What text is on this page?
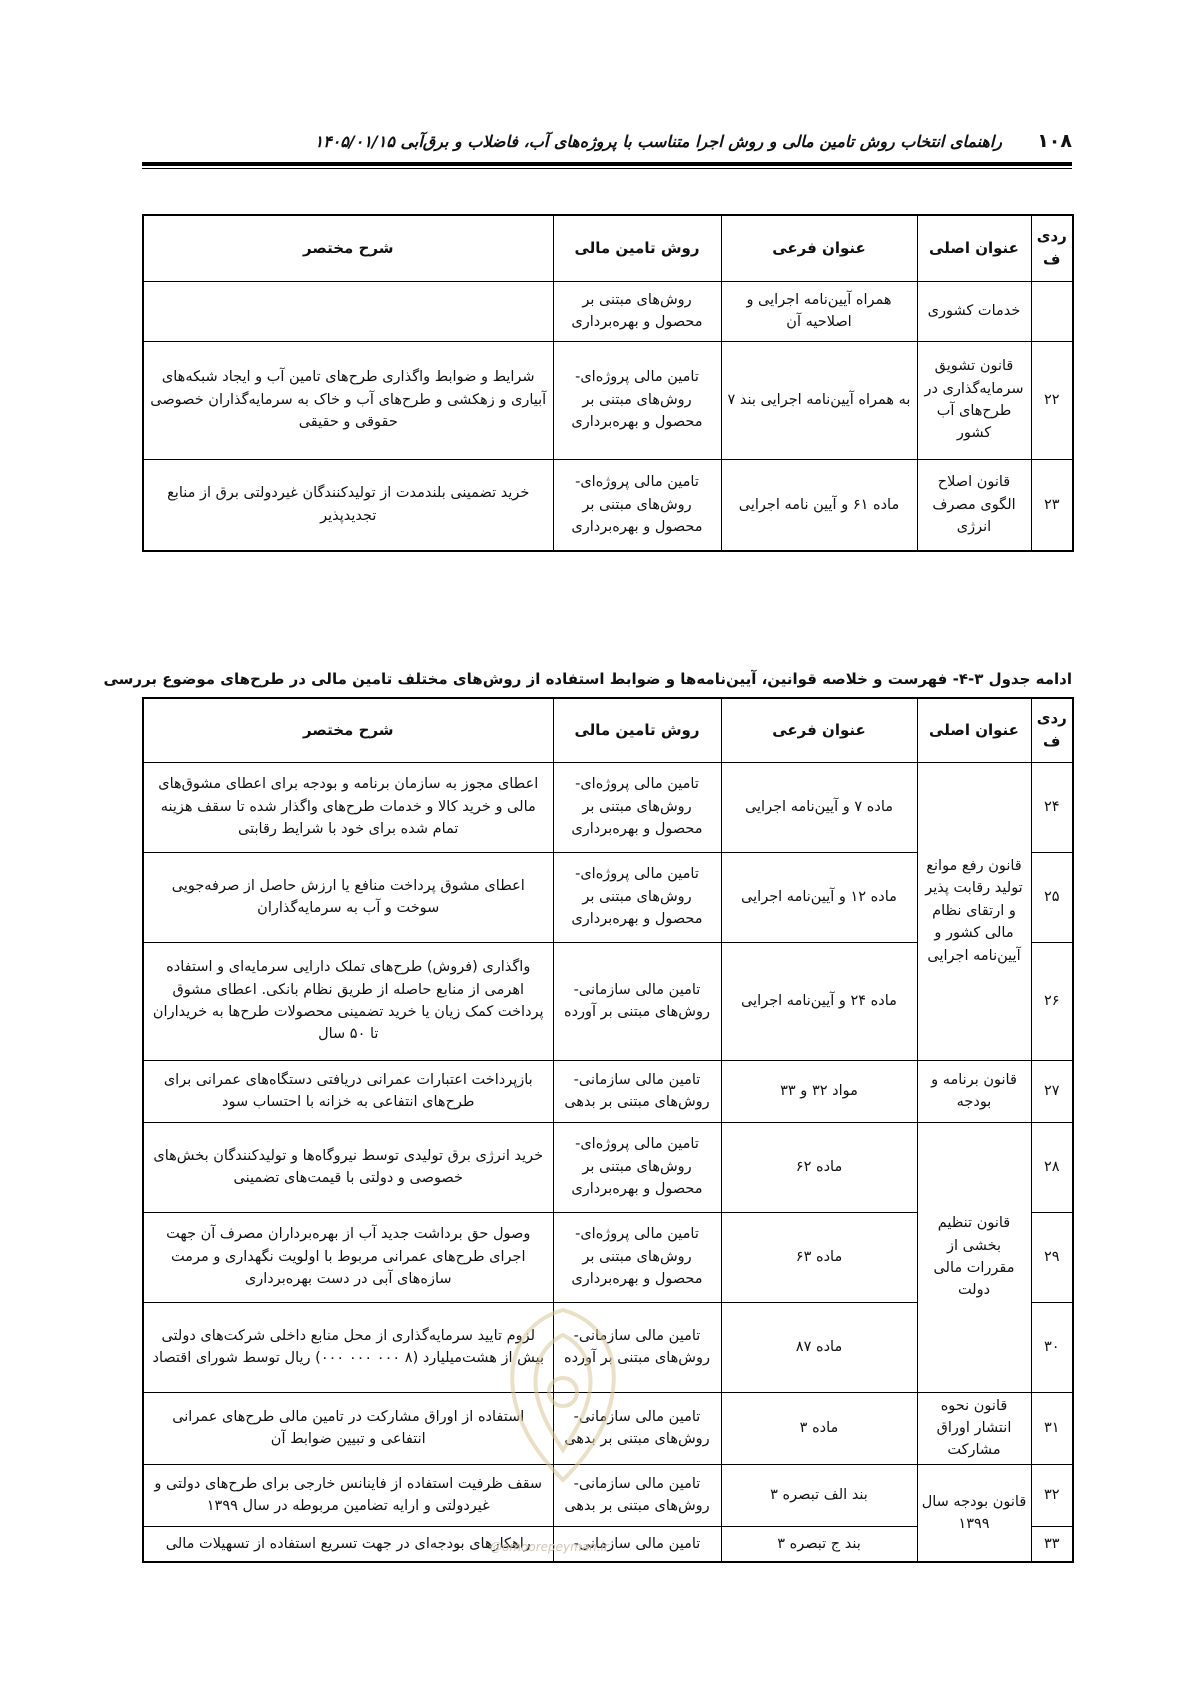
۱۰۸
راهنمای انتخاب روش تامین مالی و روش اجرا متناسب با پروژه‌های آب، فاضلاب و برق‌آبی ۱۴۰۵/۰۱/۱۵
ردی ف	عنوان اصلی	عنوان فرعی	روش تامین مالی	شرح مختصر
	خدمات کشوری	همراه آیین‌نامه اجرایی و اصلاحیه آن	روش‌های مبتنی بر محصول و بهره‌برداری	
۲۲	قانون تشویق سرمایه‌گذاری در طرح‌های آب کشور	به همراه آیین‌نامه اجرایی بند ۷	تامین مالی پروژه‌ای- روش‌های مبتنی بر محصول و بهره‌برداری	شرایط و ضوابط واگذاری طرح‌های تامین آب و ایجاد شبکه‌های آبیاری و زهکشی و طرح‌های آب و خاک به سرمایه‌گذاران خصوصی حقوقی و حقیقی
۲۳	قانون اصلاح الگوی مصرف انرژی	ماده ۶۱ و آیین نامه اجرایی	تامین مالی پروژه‌ای- روش‌های مبتنی بر محصول و بهره‌برداری	خرید تضمینی بلندمدت از تولیدکنندگان غیردولتی برق از منابع تجدیدپذیر
ادامه جدول ۳-۴- فهرست و خلاصه قوانین، آیین‌نامه‌ها و ضوابط استفاده از روش‌های مختلف تامین مالی در طرح‌های موضوع بررسی
ردی ف	عنوان اصلی	عنوان فرعی	روش تامین مالی	شرح مختصر
۲۴	قانون رفع موانع تولید رقابت پذیر و ارتقای نظام مالی کشور و آیین‌نامه اجرایی	ماده ۷ و آیین‌نامه اجرایی	تامین مالی پروژه‌ای- روش‌های مبتنی بر محصول و بهره‌برداری	اعطای مجوز به سازمان برنامه و بودجه برای اعطای مشوق‌های مالی و خرید کالا و خدمات طرح‌های واگذار شده تا سقف هزینه تمام شده برای خود با شرایط رقابتی
۲۵		ماده ۱۲ و آیین‌نامه اجرایی	تامین مالی پروژه‌ای- روش‌های مبتنی بر محصول و بهره‌برداری	اعطای مشوق پرداخت منافع یا ارزش حاصل از صرفه‌جویی سوخت و آب به سرمایه‌گذاران
۲۶		ماده ۲۴ و آیین‌نامه اجرایی	تامین مالی سازمانی- روش‌های مبتنی بر آورده	واگذاری (فروش) طرح‌های تملک دارایی سرمایه‌ای و استفاده اهرمی از منابع حاصله از طریق نظام بانکی. اعطای مشوق پرداخت کمک زیان یا خرید تضمینی محصولات طرح‌ها به خریداران تا ۵۰ سال
۲۷	قانون برنامه و بودجه	مواد ۳۲ و ۳۳	تامین مالی سازمانی- روش‌های مبتنی بر بدهی	بازپرداخت اعتبارات عمرانی دریافتی دستگاه‌های عمرانی برای طرح‌های انتفاعی به خزانه با احتساب سود
۲۸	قانون تنظیم بخشی از مقررات مالی دولت	ماده ۶۲	تامین مالی پروژه‌ای- روش‌های مبتنی بر محصول و بهره‌برداری	خرید انرژی برق تولیدی توسط نیروگاه‌ها و تولیدکنندگان بخش‌های خصوصی و دولتی با قیمت‌های تضمینی
۲۹		ماده ۶۳	تامین مالی پروژه‌ای- روش‌های مبتنی بر محصول و بهره‌برداری	وصول حق برداشت جدید آب از بهره‌برداران مصرف آن جهت اجرای طرح‌های عمرانی مربوط با اولویت نگهداری و مرمت سازه‌های آبی در دست بهره‌برداری
۳۰		ماده ۸۷	تامین مالی سازمانی- روش‌های مبتنی بر آورده	لزوم تایید سرمایه‌گذاری از محل منابع داخلی شرکت‌های دولتی بیش از هشت‌میلیارد (۸ ۰۰۰ ۰۰۰ ۰۰۰) ریال توسط شورای اقتصاد
۳۱	قانون نحوه انتشار اوراق مشارکت	ماده ۳	تامین مالی سازمانی- روش‌های مبتنی بر بدهی	استفاده از اوراق مشارکت در تامین مالی طرح‌های عمرانی انتفاعی و تبیین ضوابط آن
۳۲	قانون بودجه سال ۱۳۹۹	بند الف تبصره ۳	تامین مالی سازمانی- روش‌های مبتنی بر بدهی	سقف ظرفیت استفاده از فاینانس خارجی برای طرح‌های دولتی و غیردولتی و ارایه تضامین مربوطه در سال ۱۳۹۹
۳۳		بند ج تبصره ۳	تامین مالی سازمانی-	راهکارهای بودجه‌ای در جهت تسریع استفاده از تسهیلات مالی
@omoorepeyman.ir
